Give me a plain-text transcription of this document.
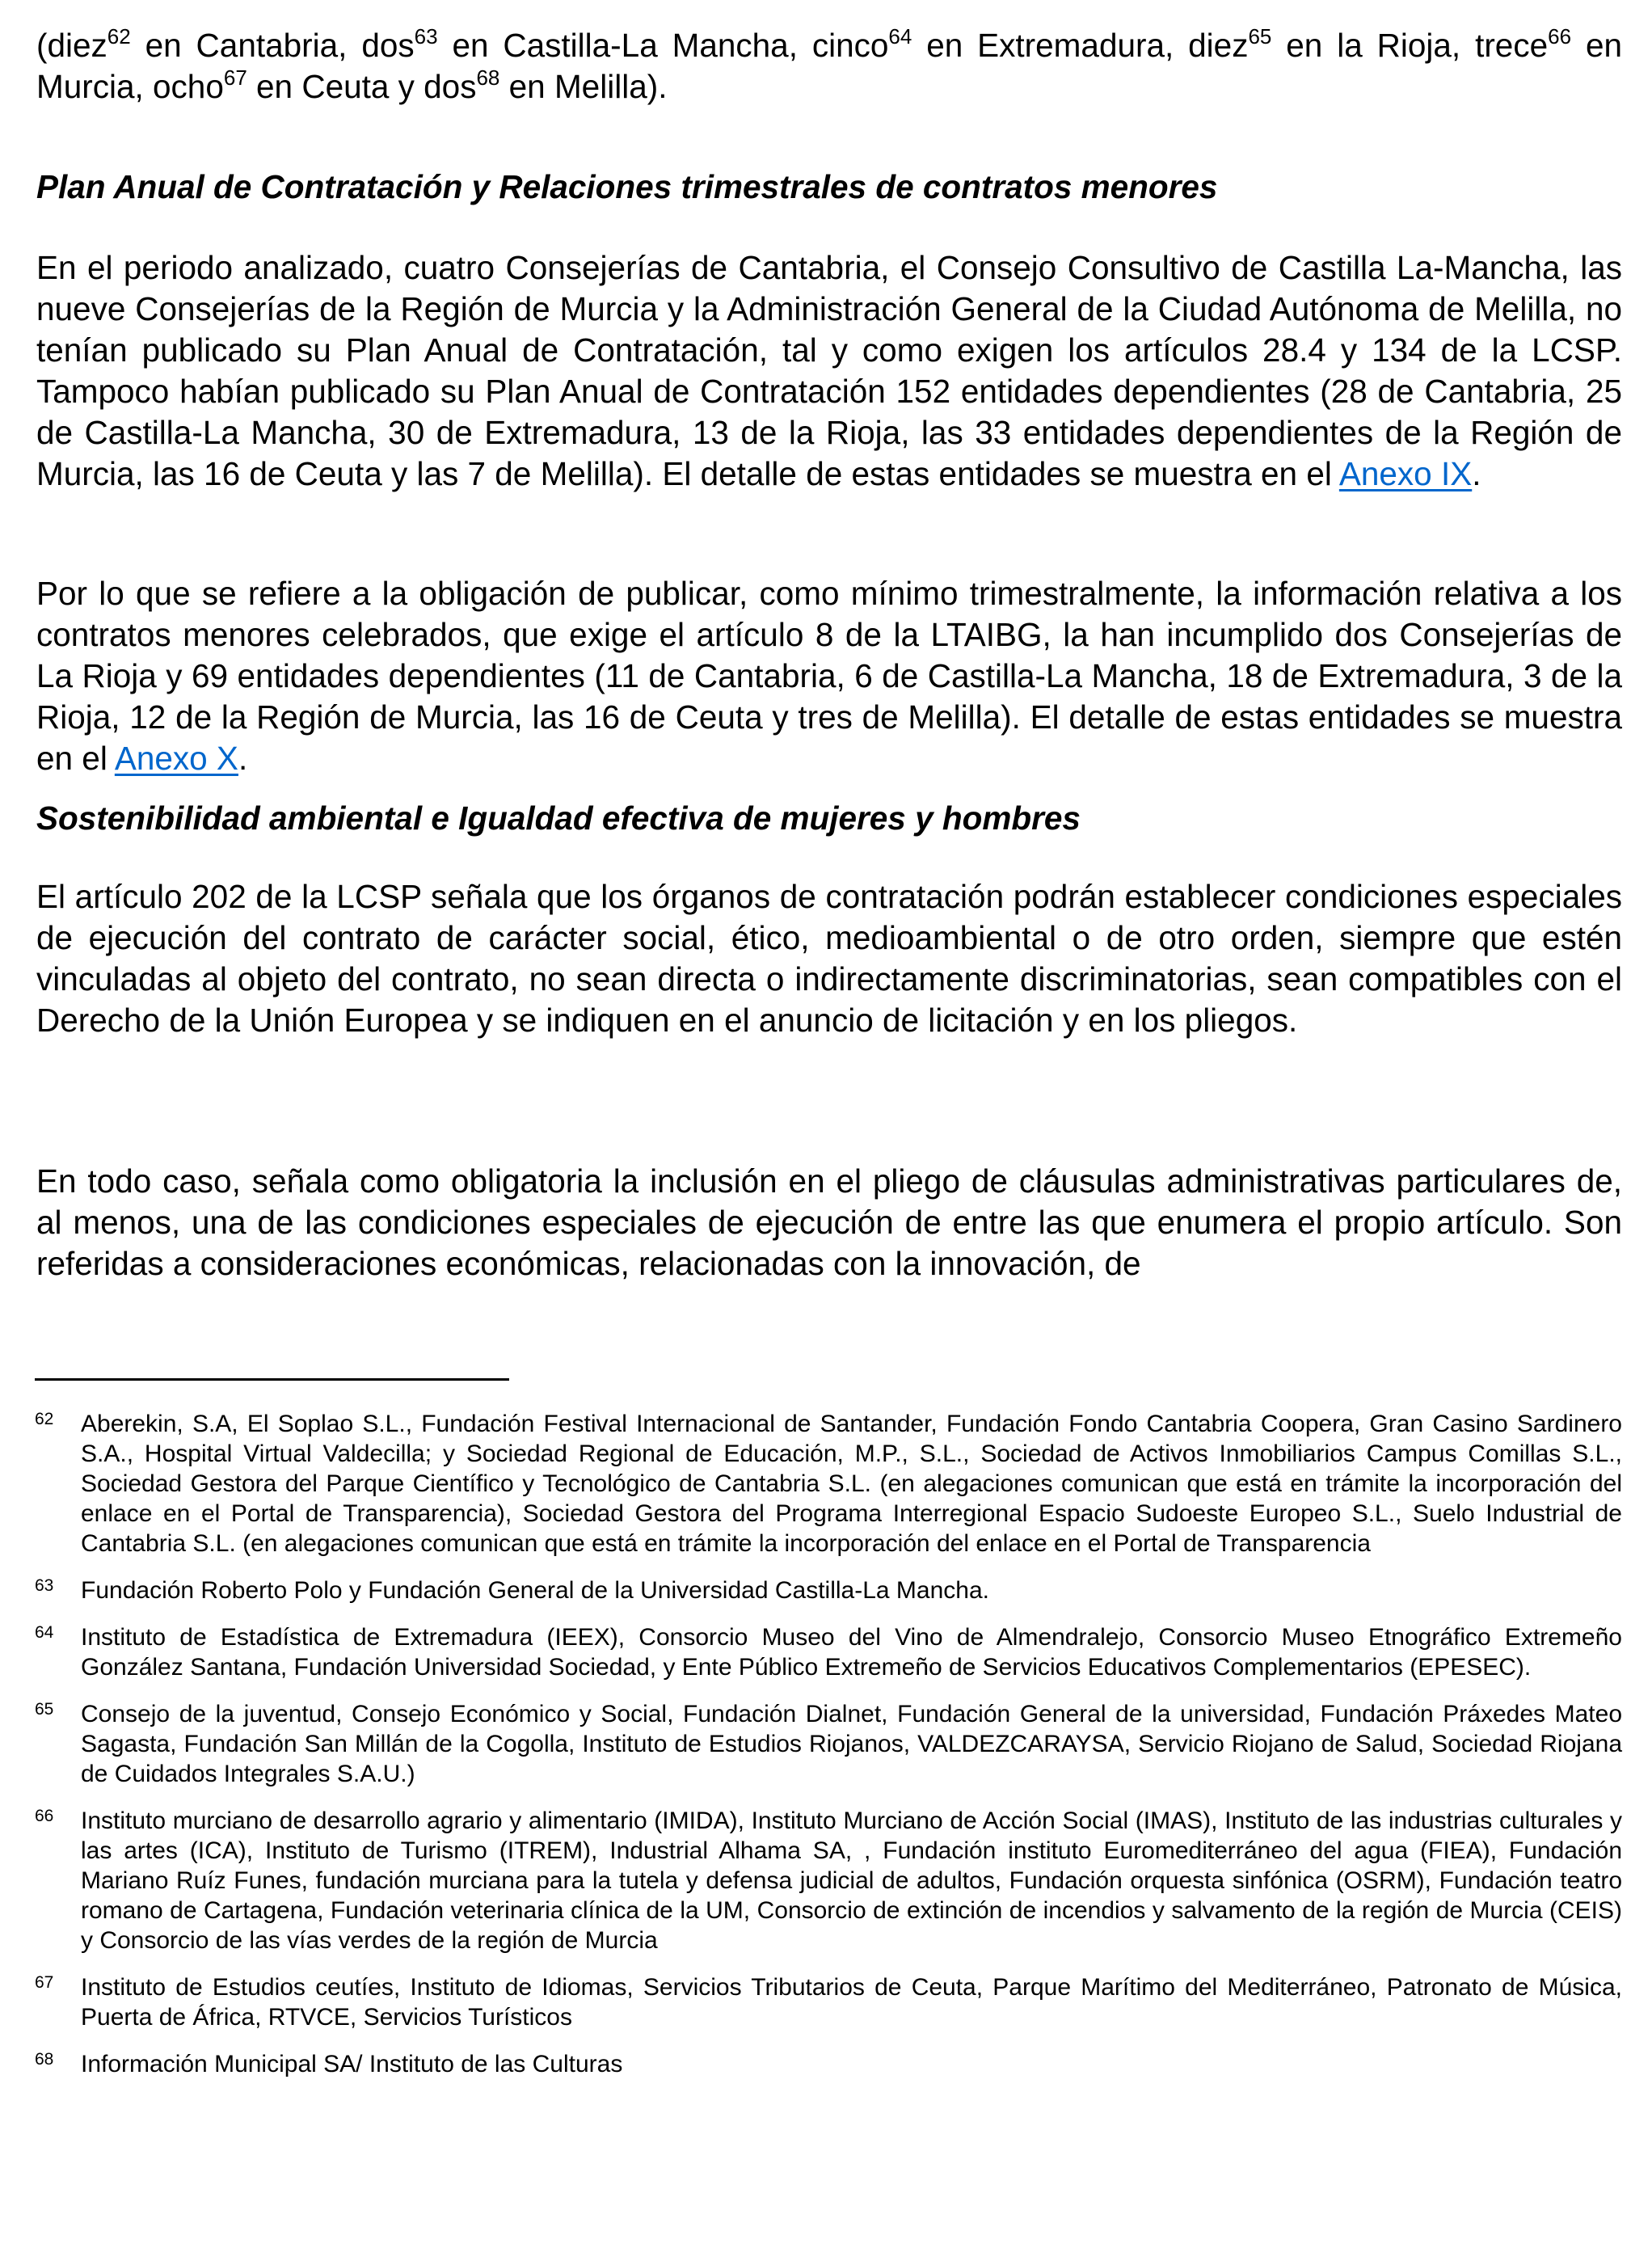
(diez$^{62}$ en Cantabria, dos$^{63}$ en Castilla-La Mancha, cinco$^{64}$ en Extremadura, diez$^{65}$ en la Rioja, trece$^{66}$ en Murcia, ocho$^{67}$ en Ceuta y dos$^{68}$ en Melilla).

Plan Anual de Contratación y Relaciones trimestrales de contratos menores

En el periodo analizado, cuatro Consejerías de Cantabria, el Consejo Consultivo de Castilla La-Mancha, las nueve Consejerías de la Región de Murcia y la Administración General de la Ciudad Autónoma de Melilla, no tenían publicado su Plan Anual de Contratación, tal y como exigen los artículos 28.4 y 134 de la LCSP. Tampoco habían publicado su Plan Anual de Contratación 152 entidades dependientes (28 de Cantabria, 25 de Castilla-La Mancha, 30 de Extremadura, 13 de la Rioja, las 33 entidades dependientes de la Región de Murcia, las 16 de Ceuta y las 7 de Melilla). El detalle de estas entidades se muestra en el Anexo IX.

Por lo que se refiere a la obligación de publicar, como mínimo trimestralmente, la información relativa a los contratos menores celebrados, que exige el artículo 8 de la LTAIBG, la han incumplido dos Consejerías de La Rioja y 69 entidades dependientes (11 de Cantabria, 6 de Castilla-La Mancha, 18 de Extremadura, 3 de la Rioja, 12 de la Región de Murcia, las 16 de Ceuta y tres de Melilla). El detalle de estas entidades se muestra en el Anexo X.

Sostenibilidad ambiental e Igualdad efectiva de mujeres y hombres

El artículo 202 de la LCSP señala que los órganos de contratación podrán establecer condiciones especiales de ejecución del contrato de carácter social, ético, medioambiental o de otro orden, siempre que estén vinculadas al objeto del contrato, no sean directa o indirectamente discriminatorias, sean compatibles con el Derecho de la Unión Europea y se indiquen en el anuncio de licitación y en los pliegos.

En todo caso, señala como obligatoria la inclusión en el pliego de cláusulas administrativas particulares de, al menos, una de las condiciones especiales de ejecución de entre las que enumera el propio artículo. Son referidas a consideraciones económicas, relacionadas con la innovación, de

62 Aberekin, S.A, El Soplao S.L., Fundación Festival Internacional de Santander, Fundación Fondo Cantabria Coopera, Gran Casino Sardinero S.A., Hospital Virtual Valdecilla; y Sociedad Regional de Educación, M.P., S.L., Sociedad de Activos Inmobiliarios Campus Comillas S.L., Sociedad Gestora del Parque Científico y Tecnológico de Cantabria S.L. (en alegaciones comunican que está en trámite la incorporación del enlace en el Portal de Transparencia), Sociedad Gestora del Programa Interregional Espacio Sudoeste Europeo S.L., Suelo Industrial de Cantabria S.L. (en alegaciones comunican que está en trámite la incorporación del enlace en el Portal de Transparencia
63 Fundación Roberto Polo y Fundación General de la Universidad Castilla-La Mancha.
64 Instituto de Estadística de Extremadura (IEEX), Consorcio Museo del Vino de Almendralejo, Consorcio Museo Etnográfico Extremeño González Santana, Fundación Universidad Sociedad, y Ente Público Extremeño de Servicios Educativos Complementarios (EPESEC).
65 Consejo de la juventud, Consejo Económico y Social, Fundación Dialnet, Fundación General de la universidad, Fundación Práxedes Mateo Sagasta, Fundación San Millán de la Cogolla, Instituto de Estudios Riojanos, VALDEZCARAYSA, Servicio Riojano de Salud, Sociedad Riojana de Cuidados Integrales S.A.U.)
66 Instituto murciano de desarrollo agrario y alimentario (IMIDA), Instituto Murciano de Acción Social (IMAS), Instituto de las industrias culturales y las artes (ICA), Instituto de Turismo (ITREM), Industrial Alhama SA, , Fundación instituto Euromediterráneo del agua (FIEA), Fundación Mariano Ruíz Funes, fundación murciana para la tutela y defensa judicial de adultos, Fundación orquesta sinfónica (OSRM), Fundación teatro romano de Cartagena, Fundación veterinaria clínica de la UM, Consorcio de extinción de incendios y salvamento de la región de Murcia (CEIS) y Consorcio de las vías verdes de la región de Murcia
67 Instituto de Estudios ceutíes, Instituto de Idiomas, Servicios Tributarios de Ceuta, Parque Marítimo del Mediterráneo, Patronato de Música, Puerta de África, RTVCE, Servicios Turísticos
68 Información Municipal SA/ Instituto de las Culturas
